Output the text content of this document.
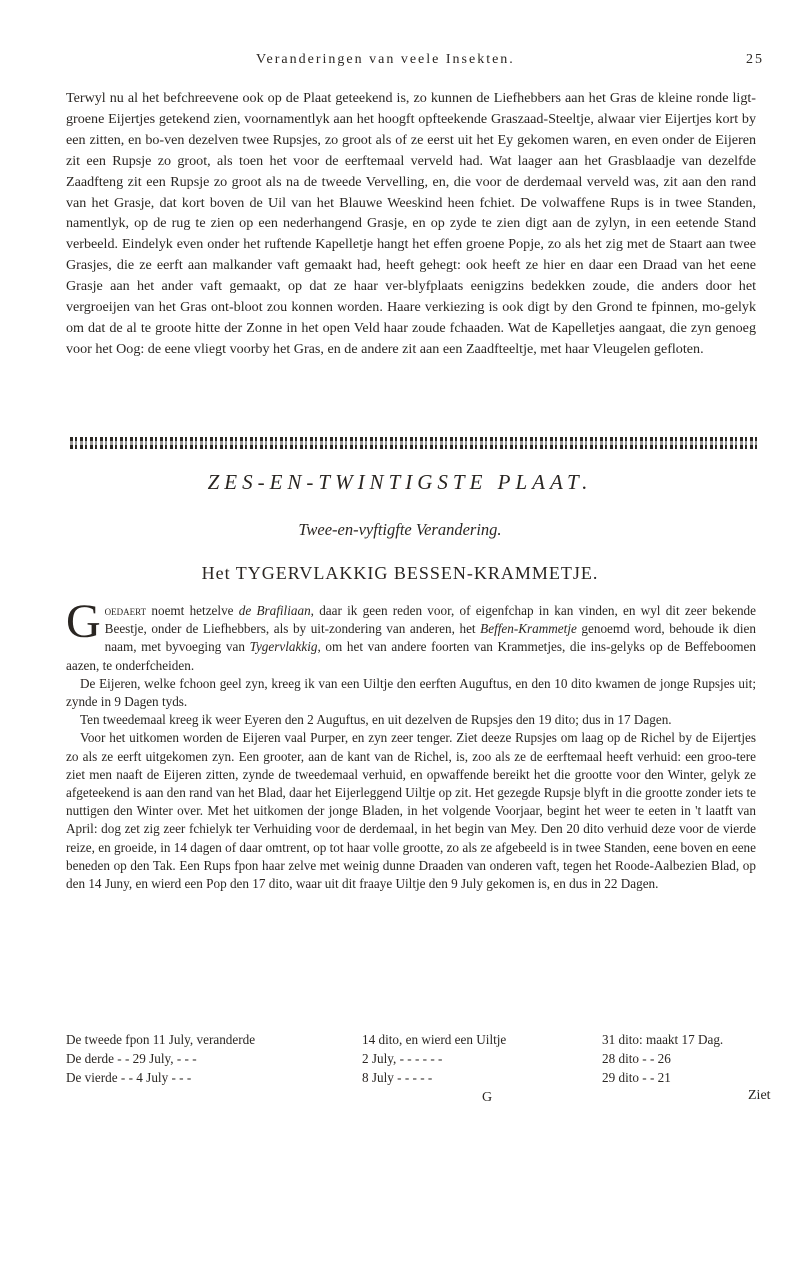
Veranderingen van veele Insekten.	25

Terwyl nu al het befchreevene ook op de Plaat geteekend is, zo kunnen de Liefhebbers aan het Gras de kleine ronde ligt-groene Eijertjes getekend zien, voornamentlyk aan het hoogft opfteekende Graszaad-Steeltje, alwaar vier Eijertjes kort by een zitten, en bo-ven dezelven twee Rupsjes, zo groot als of ze eerst uit het Ey gekomen waren, en even onder de Eijeren zit een Rupsje zo groot, als toen het voor de eerftemaal verveld had. Wat laager aan het Grasblaadje van dezelfde Zaadfteng zit een Rupsje zo groot als na de tweede Vervelling, en, die voor de derdemaal verveld was, zit aan den rand van het Grasje, dat kort boven de Uil van het Blauwe Weeskind heen fchiet. De volwaffene Rups is in twee Standen, namentlyk, op de rug te zien op een nederhangend Grasje, en op zyde te zien digt aan de zylyn, in een eetende Stand verbeeld. Eindelyk even onder het ruftende Kapelletje hangt het effen groene Popje, zo als het zig met de Staart aan twee Grasjes, die ze eerft aan malkander vaft gemaakt had, heeft gehegt: ook heeft ze hier en daar een Draad van het eene Grasje aan het ander vaft gemaakt, op dat ze haar ver-blyfplaats eenigzins bedekken zoude, die anders door het vergroeijen van het Gras ont-bloot zou konnen worden. Haare verkiezing is ook digt by den Grond te fpinnen, mo-gelyk om dat de al te groote hitte der Zonne in het open Veld haar zoude fchaaden. Wat de Kapelletjes aangaat, die zyn genoeg voor het Oog: de eene vliegt voorby het Gras, en de andere zit aan een Zaadfteeltje, met haar Vleugelen gefloten.

ZES-EN-TWINTIGSTE PLAAT.
Twee-en-vyftigfte Verandering.
Het TYGERVLAKKIG BESSEN-KRAMMETJE.

Goedaert noemt hetzelve de Brafiliaan, daar ik geen reden voor, of eigenfchap in kan vinden, en wyl dit zeer bekende Beestje, onder de Liefhebbers, als by uit-zondering van anderen, het Beffen-Krammetje genoemd word, behoude ik dien naam, met byvoeging van Tygervlakkig, om het van andere foorten van Krammetjes, die ins-gelyks op de Beffeboomen aazen, te onderfcheiden.

De Eijeren, welke fchoon geel zyn, kreeg ik van een Uiltje den eerften Auguftus, en den 10 dito kwamen de jonge Rupsjes uit; zynde in 9 Dagen tyds.

Ten tweedemaal kreeg ik weer Eyeren den 2 Auguftus, en uit dezelven de Rupsjes den 19 dito; dus in 17 Dagen.

Voor het uitkomen worden de Eijeren vaal Purper, en zyn zeer tenger. Ziet deeze Rupsjes om laag op de Richel by de Eijertjes zo als ze eerft uitgekomen zyn. Een grooter, aan de kant van de Richel, is, zoo als ze de eerftemaal heeft verhuid: een groo-tere ziet men naaft de Eijeren zitten, zynde de tweedemaal verhuid, en opwaffende bereikt het die grootte voor den Winter, gelyk ze afgeteekend is aan den rand van het Blad, daar het Eijerleggend Uiltje op zit. Het gezegde Rupsje blyft in die grootte zonder iets te nuttigen den Winter over. Met het uitkomen der jonge Bladen, in het volgende Voorjaar, begint het weer te eeten in 't laatft van April: dog zet zig zeer fchielyk ter Verhuiding voor de derdemaal, in het begin van Mey. Den 20 dito verhuid deze voor de vierde reize, en groeide, in 14 dagen of daar omtrent, op tot haar volle grootte, zo als ze afgebeeld is in twee Standen, eene boven en eene beneden op den Tak. Een Rups fpon haar zelve met weinig dunne Draaden van onderen vaft, tegen het Roode-Aalbezien Blad, op den 14 Juny, en wierd een Pop den 17 dito, waar uit dit fraaye Uiltje den 9 July gekomen is, en dus in 22 Dagen.

De tweede fpon 11 July, veranderde	14 dito, en wierd een Uiltje	31 dito: maakt 17 Dag.
De derde - - 29 July, - - -	2 July, - - - - - -	28 dito - - 26
De vierde - - 4 July - - -	8 July - - - - -	29 dito - - 21
G	Ziet
